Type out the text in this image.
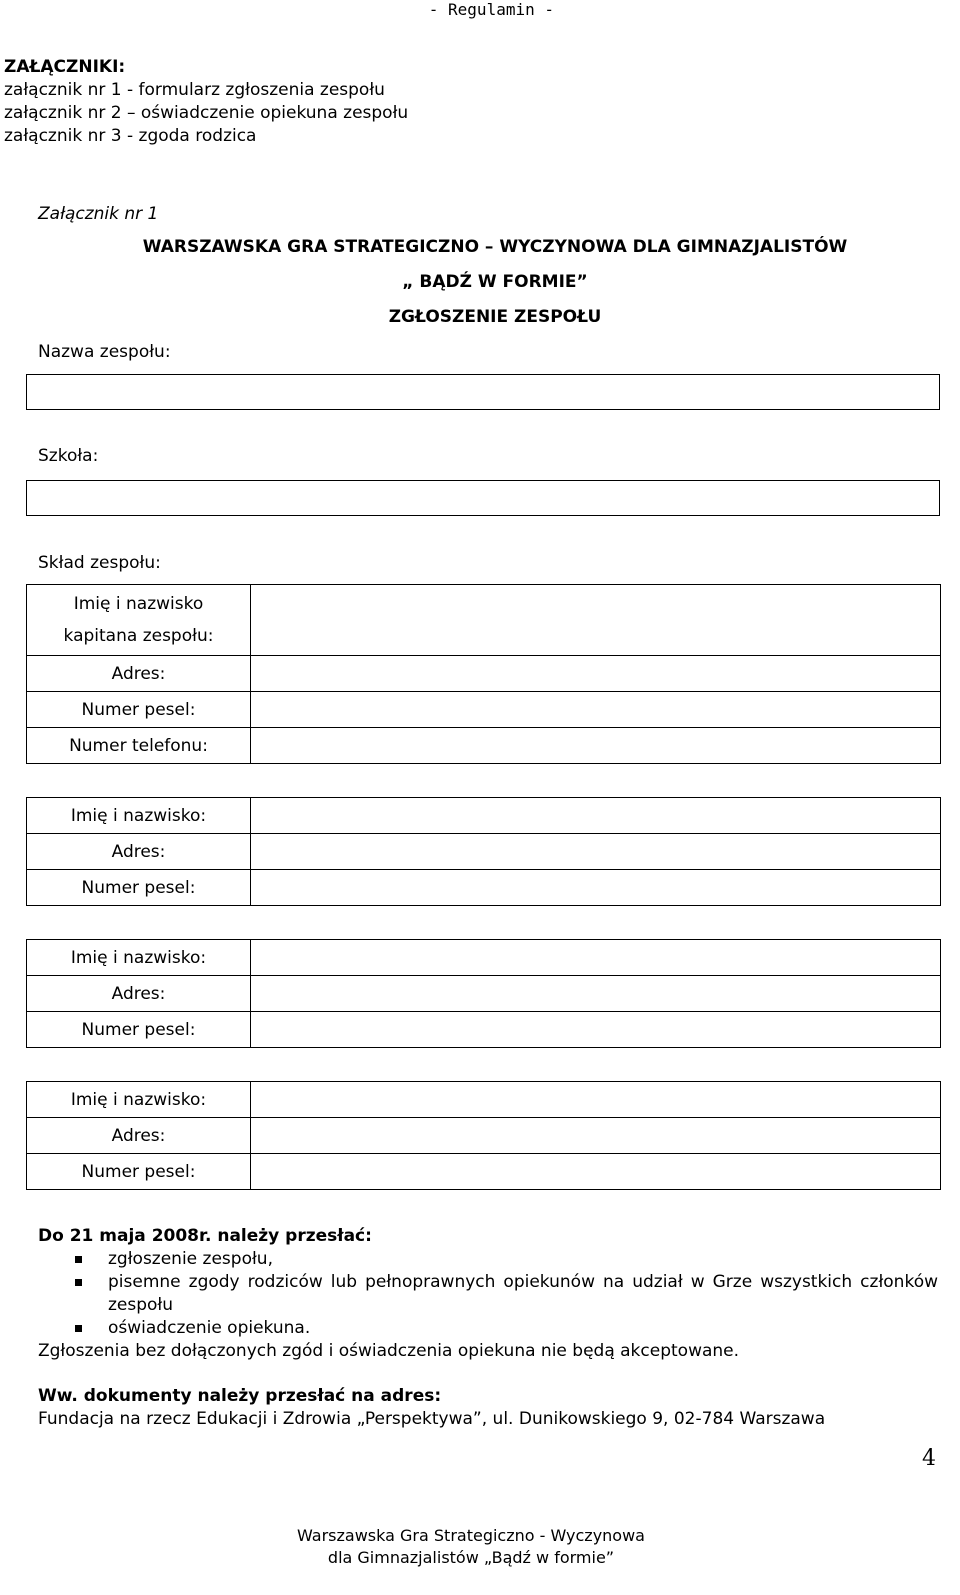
- Regulamin -
ZAŁĄCZNIKI:
załącznik nr 1 - formularz zgłoszenia zespołu
załącznik nr 2 – oświadczenie opiekuna zespołu
załącznik nr 3 - zgoda rodzica
Załącznik nr 1
WARSZAWSKA GRA STRATEGICZNO – WYCZYNOWA DLA GIMNAZJALISTÓW
„ BĄDŹ W FORMIE”
ZGŁOSZENIE ZESPOŁU
Nazwa zespołu:
Szkoła:
Skład zespołu:
Imię i nazwisko
kapitana zespołu:	

Adres:	
Numer pesel:	
Numer telefonu:	
Imię i nazwisko:	
Adres:	
Numer pesel:	
Imię i nazwisko:	
Adres:	
Numer pesel:	
Imię i nazwisko:	
Adres:	
Numer pesel:	
Do 21 maja 2008r. należy przesłać:
zgłoszenie zespołu,
pisemne zgody rodziców lub pełnoprawnych opiekunów na udział w Grze wszystkich członków zespołu
oświadczenie opiekuna.
Zgłoszenia bez dołączonych zgód i oświadczenia opiekuna nie będą akceptowane.
Ww. dokumenty należy przesłać na adres:
Fundacja na rzecz Edukacji i Zdrowia „Perspektywa”, ul. Dunikowskiego 9, 02-784 Warszawa
4
Warszawska Gra Strategiczno - Wyczynowa
dla Gimnazjalistów „Bądź w formie”
